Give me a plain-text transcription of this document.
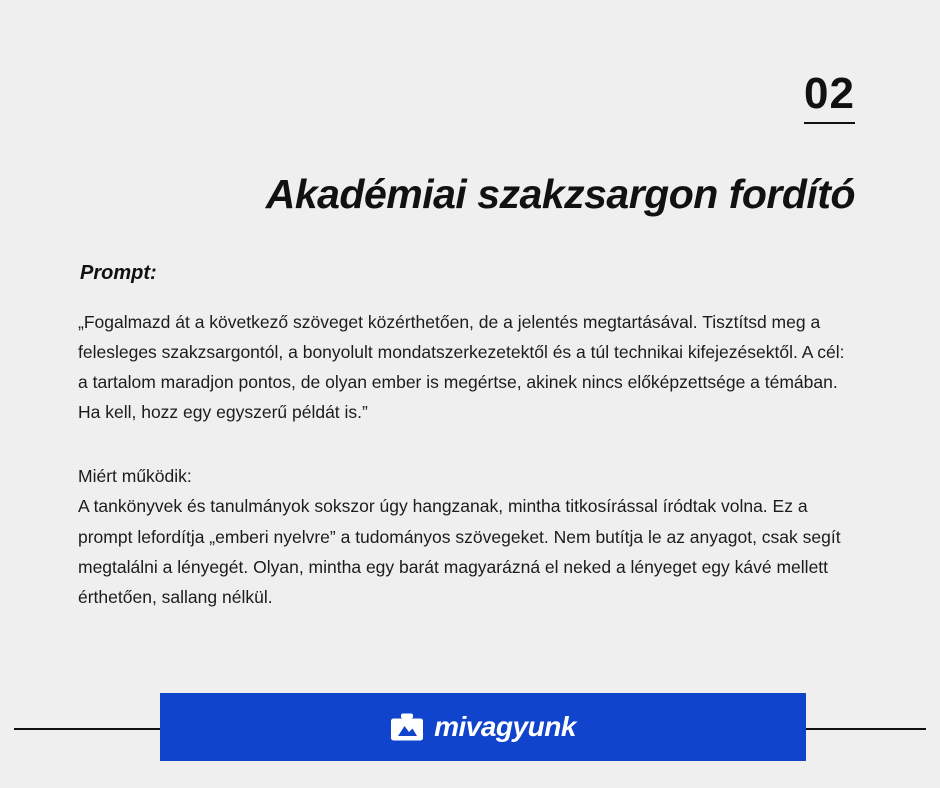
02
Akadémiai szakzsargon fordító
Prompt:

„Fogalmazd át a következő szöveget közérthetően, de a jelentés megtartásával. Tisztítsd meg a felesleges szakzsargontól, a bonyolult mondatszerkezetektől és a túl technikai kifejezésektől. A cél: a tartalom maradjon pontos, de olyan ember is megértse, akinek nincs előképzettsége a témában. Ha kell, hozz egy egyszerű példát is.”

Miért működik:

A tankönyvek és tanulmányok sokszor úgy hangzanak, mintha titkosírással íródtak volna. Ez a prompt lefordítja „emberi nyelvre” a tudományos szövegeket. Nem butítja le az anyagot, csak segít megtalálni a lényegét. Olyan, mintha egy barát magyarázná el neked a lényeget egy kávé mellett érthetően, sallang nélkül.

mivagyunk
